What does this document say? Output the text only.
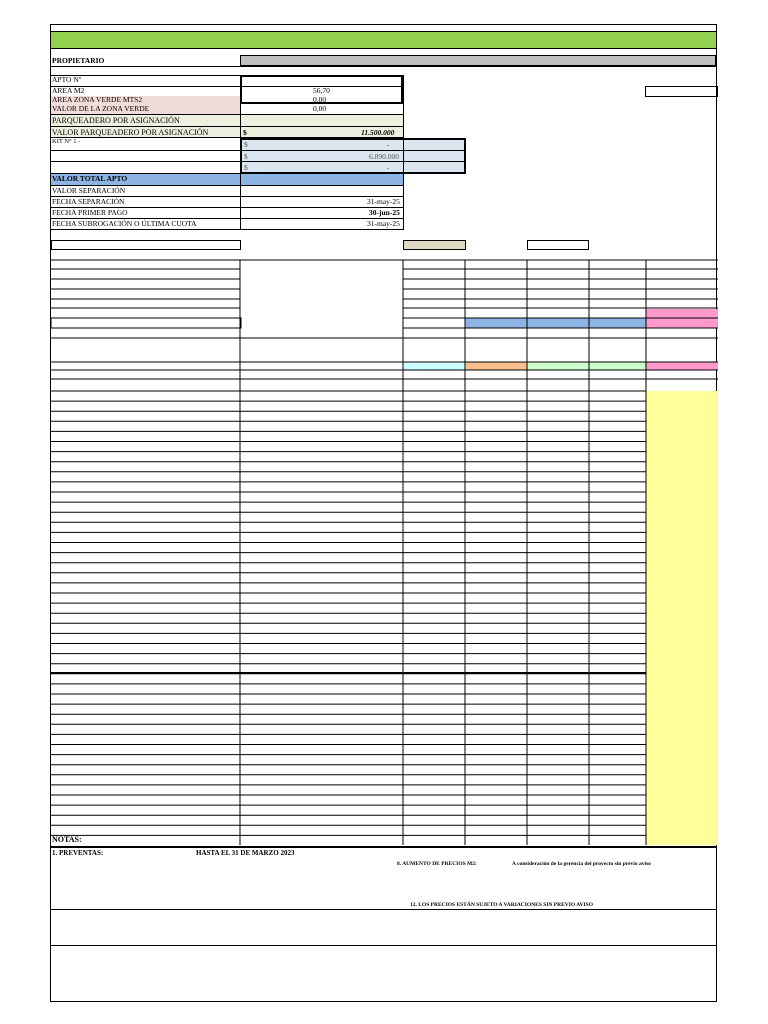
PROPIETARIO
APTO Nº
AREA M2	56,70
AREA ZONA VERDE MTS2	0,00
VALOR DE LA ZONA VERDE	0,00
PARQUEADERO POR ASIGNACIÓN
VALOR PARQUEADERO POR ASIGNACIÓN	$	11.500.000
KIT N° 1 -	$	-
$	6.890.000
$	-
VALOR TOTAL APTO
VALOR SEPARACIÓN
FECHA SEPARACIÓN	31-may-25
FECHA PRIMER PAGO	30-jun-25
FECHA SUBROGACIÓN O ÚLTIMA CUOTA	31-may-25
NOTAS:
1. PREVENTAS:	HASTA EL 31 DE MARZO 2023
8. AUMENTO DE PRECIOS M2:	A consideración de la gerencia del proyecto sin previo aviso
12. LOS PRECIOS ESTÁN SUJETO A VARIACIONES SIN PREVIO AVISO
